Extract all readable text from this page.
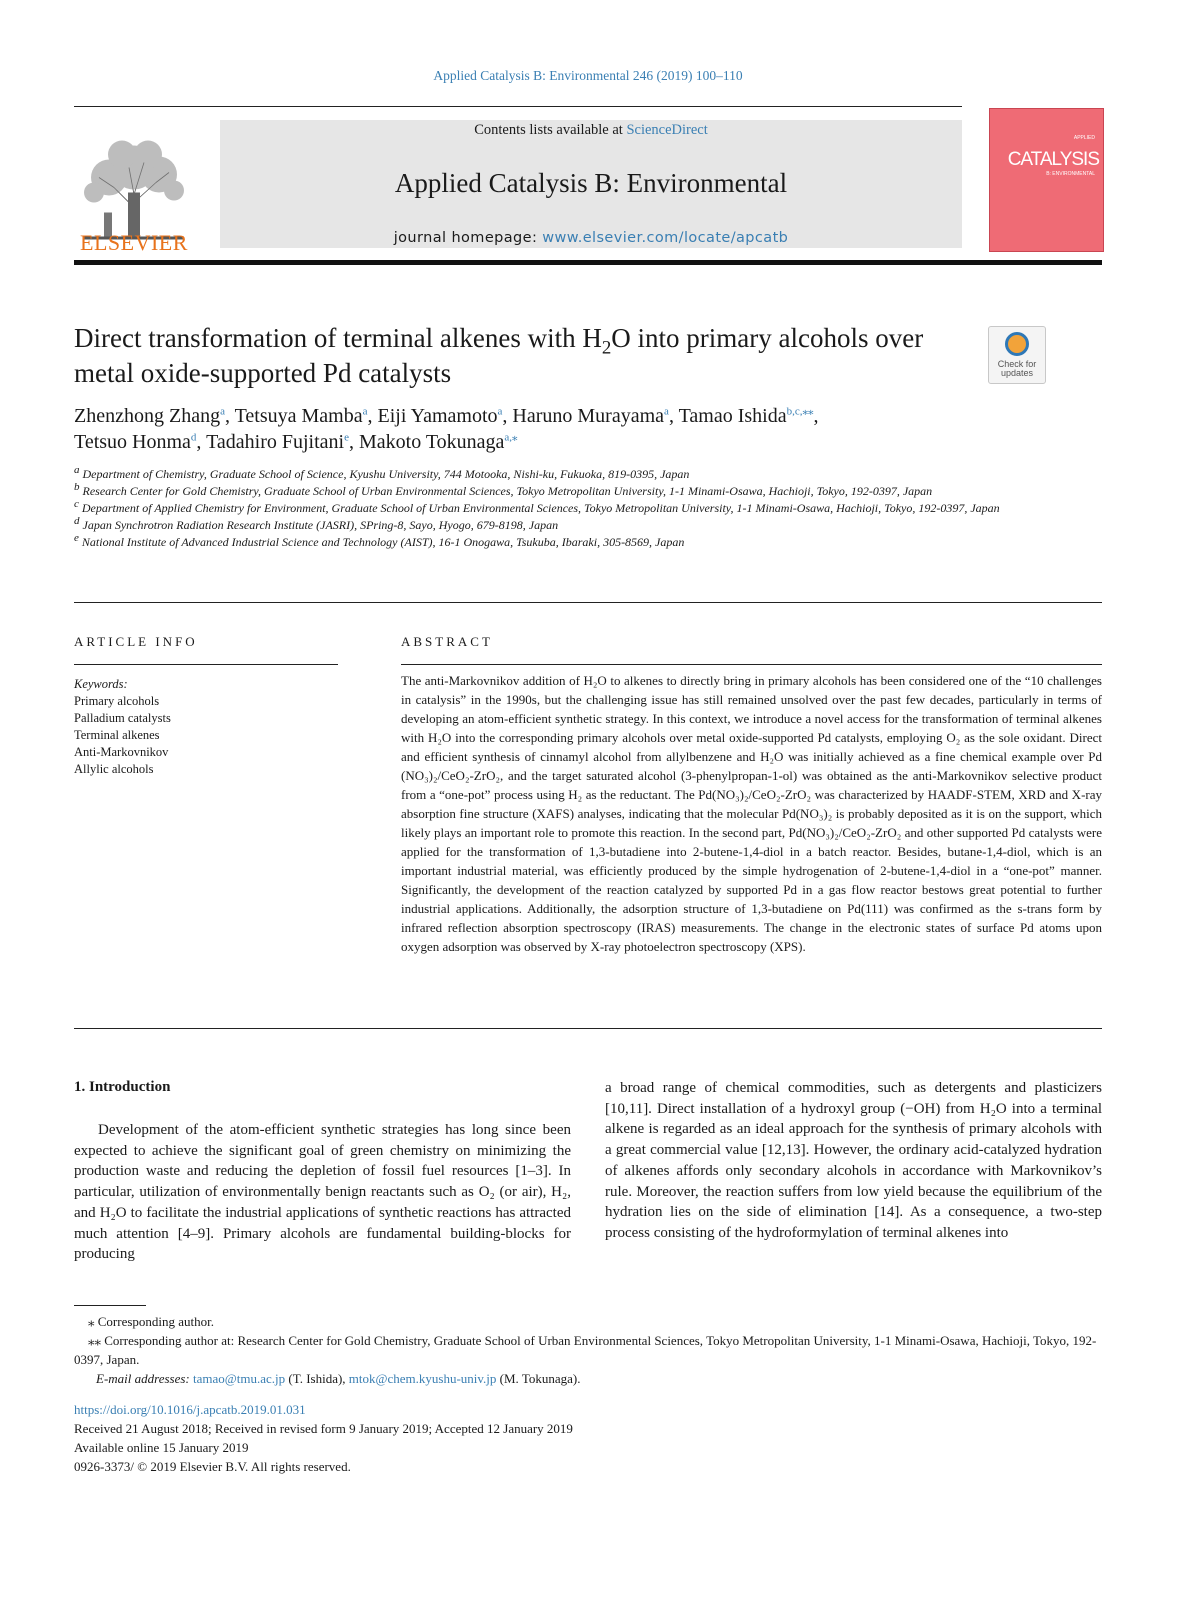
Applied Catalysis B: Environmental 246 (2019) 100–110
ELSEVIER
Contents lists available at ScienceDirect
Applied Catalysis B: Environmental
journal homepage: www.elsevier.com/locate/apcatb
APPLIED
CATALYSIS
B: ENVIRONMENTAL
Direct transformation of terminal alkenes with $H_2O$ into primary alcohols over metal oxide-supported Pd catalysts	Check for updates
Zhenzhong Zhang$^a$, Tetsuya Mamba$^a$, Eiji Yamamoto$^a$, Haruno Murayama$^a$, Tamao Ishida$^{b,c,⁎⁎}$,
Tetsuo Honma$^d$, Tadahiro Fujitani$^e$, Makoto Tokunaga$^{a,⁎}$

$^a$ Department of Chemistry, Graduate School of Science, Kyushu University, 744 Motooka, Nishi-ku, Fukuoka, 819-0395, Japan

$^b$ Research Center for Gold Chemistry, Graduate School of Urban Environmental Sciences, Tokyo Metropolitan University, 1-1 Minami-Osawa, Hachioji, Tokyo, 192-0397, Japan

$^c$ Department of Applied Chemistry for Environment, Graduate School of Urban Environmental Sciences, Tokyo Metropolitan University, 1-1 Minami-Osawa, Hachioji, Tokyo, 192-0397, Japan

$^d$ Japan Synchrotron Radiation Research Institute (JASRI), SPring-8, Sayo, Hyogo, 679-8198, Japan

$^e$ National Institute of Advanced Industrial Science and Technology (AIST), 16-1 Onogawa, Tsukuba, Ibaraki, 305-8569, Japan

ARTICLE INFO
Keywords:
Primary alcohols
Palladium catalysts
Terminal alkenes
Anti-Markovnikov
Allylic alcohols
ABSTRACT

The anti-Markovnikov addition of H₂O to alkenes to directly bring in primary alcohols has been considered one of the “10 challenges in catalysis” in the 1990s, but the challenging issue has still remained unsolved over the past few decades, particularly in terms of developing an atom-efficient synthetic strategy. In this context, we introduce a novel access for the transformation of terminal alkenes with H₂O into the corresponding primary alcohols over metal oxide-supported Pd catalysts, employing O₂ as the sole oxidant. Direct and efficient synthesis of cinnamyl alcohol from allylbenzene and H₂O was initially achieved as a fine chemical example over Pd (NO₃)₂/CeO₂-ZrO₂, and the target saturated alcohol (3-phenylpropan-1-ol) was obtained as the anti-Markovnikov selective product from a “one-pot” process using H₂ as the reductant. The Pd(NO₃)₂/CeO₂-ZrO₂ was characterized by HAADF-STEM, XRD and X-ray absorption fine structure (XAFS) analyses, indicating that the molecular Pd(NO₃)₂ is probably deposited as it is on the support, which likely plays an important role to promote this reaction. In the second part, Pd(NO₃)₂/CeO₂-ZrO₂ and other supported Pd catalysts were applied for the transformation of 1,3-butadiene into 2-butene-1,4-diol in a batch reactor. Besides, butane-1,4-diol, which is an important industrial material, was efficiently produced by the simple hydrogenation of 2-butene-1,4-diol in a “one-pot” manner. Significantly, the development of the reaction catalyzed by supported Pd in a gas flow reactor bestows great potential to further industrial applications. Additionally, the adsorption structure of 1,3-butadiene on Pd(111) was confirmed as the s-trans form by infrared reflection absorption spectroscopy (IRAS) measurements. The change in the electronic states of surface Pd atoms upon oxygen adsorption was observed by X-ray photoelectron spectroscopy (XPS).

1. Introduction

Development of the atom-efficient synthetic strategies has long since been expected to achieve the significant goal of green chemistry on minimizing the production waste and reducing the depletion of fossil fuel resources [1–3]. In particular, utilization of environmentally benign reactants such as O₂ (or air), H₂, and H₂O to facilitate the industrial applications of synthetic reactions has attracted much attention [4–9]. Primary alcohols are fundamental building-blocks for producing

a broad range of chemical commodities, such as detergents and plasticizers [10,11]. Direct installation of a hydroxyl group (−OH) from H₂O into a terminal alkene is regarded as an ideal approach for the synthesis of primary alcohols with a great commercial value [12,13]. However, the ordinary acid-catalyzed hydration of alkenes affords only secondary alcohols in accordance with Markovnikov’s rule. Moreover, the reaction suffers from low yield because the equilibrium of the hydration lies on the side of elimination [14]. As a consequence, a two-step process consisting of the hydroformylation of terminal alkenes into

⁎ Corresponding author.

⁎⁎ Corresponding author at: Research Center for Gold Chemistry, Graduate School of Urban Environmental Sciences, Tokyo Metropolitan University, 1-1 Minami-Osawa, Hachioji, Tokyo, 192-0397, Japan.

E-mail addresses: tamao@tmu.ac.jp (T. Ishida), mtok@chem.kyushu-univ.jp (M. Tokunaga).

https://doi.org/10.1016/j.apcatb.2019.01.031

Received 21 August 2018; Received in revised form 9 January 2019; Accepted 12 January 2019

Available online 15 January 2019

0926-3373/ © 2019 Elsevier B.V. All rights reserved.
